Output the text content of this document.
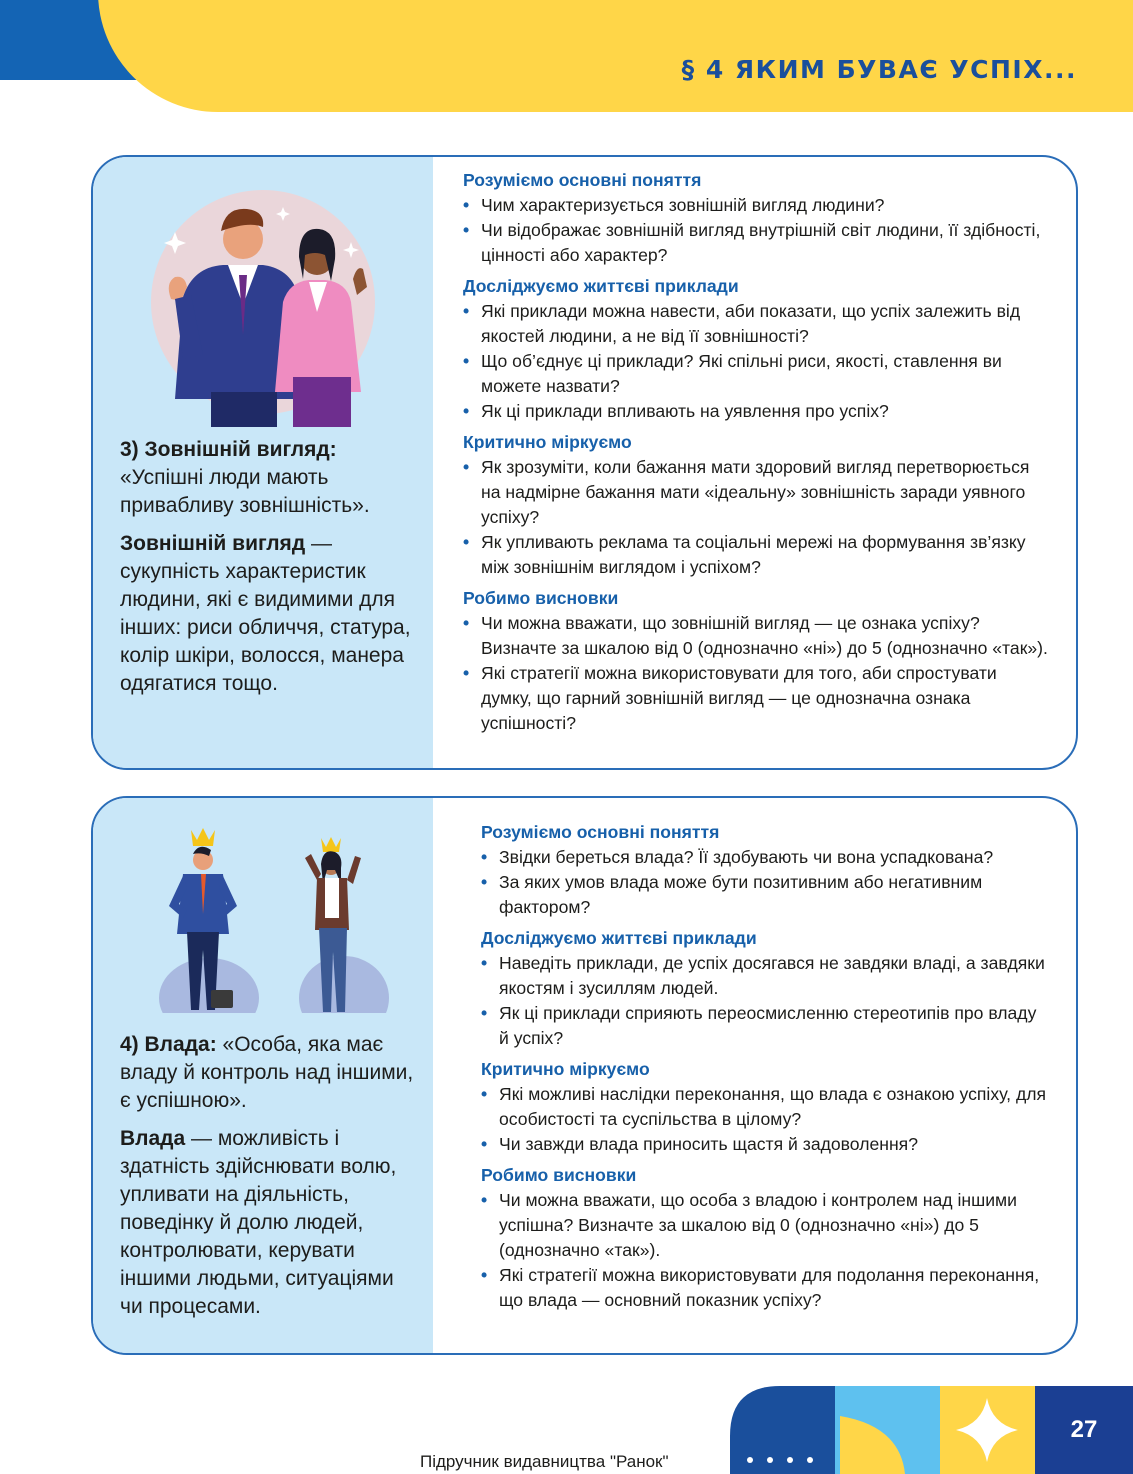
§ 4 ЯКИМ БУВАЄ УСПІХ...

3) Зовнішній вигляд:
«Успішні люди мають привабливу зовнішність».

Зовнішній вигляд — сукупність характеристик людини, які є видимими для інших: риси обличчя, статура, колір шкіри, волосся, манера одягатися тощо.

Розуміємо основні поняття
• Чим характеризується зовнішній вигляд людини?
• Чи відображає зовнішній вигляд внутрішній світ людини, її здібності, цінності або характер?
Досліджуємо життєві приклади
• Які приклади можна навести, аби показати, що успіх залежить від якостей людини, а не від її зовнішності?
• Що об’єднує ці приклади? Які спільні риси, якості, ставлення ви можете назвати?
• Як ці приклади впливають на уявлення про успіх?
Критично міркуємо
• Як зрозуміти, коли бажання мати здоровий вигляд перетворюється на надмірне бажання мати «ідеальну» зовнішність заради уявного успіху?
• Як упливають реклама та соціальні мережі на формування зв’язку між зовнішнім виглядом і успіхом?
Робимо висновки
• Чи можна вважати, що зовнішній вигляд — це ознака успіху? Визначте за шкалою від 0 (однозначно «ні») до 5 (однозначно «так»).
• Які стратегії можна використовувати для того, аби спростувати думку, що гарний зовнішній вигляд — це однозначна ознака успішності?

4) Влада: «Особа, яка має владу й контроль над іншими, є успішною».

Влада — можливість і здатність здійснювати волю, упливати на діяльність, поведінку й долю людей, контролювати, керувати іншими людьми, ситуаціями чи процесами.

Розуміємо основні поняття
• Звідки береться влада? Її здобувають чи вона успадкована?
• За яких умов влада може бути позитивним або негативним фактором?
Досліджуємо життєві приклади
• Наведіть приклади, де успіх досягався не завдяки владі, а завдяки якостям і зусиллям людей.
• Як ці приклади сприяють переосмисленню стереотипів про владу й успіх?
Критично міркуємо
• Які можливі наслідки переконання, що влада є ознакою успіху, для особистості та суспільства в цілому?
• Чи завжди влада приносить щастя й задоволення?
Робимо висновки
• Чи можна вважати, що особа з владою і контролем над іншими успішна? Визначте за шкалою від 0 (однозначно «ні») до 5 (однозначно «так»).
• Які стратегії можна використовувати для подолання переконання, що влада — основний показник успіху?
Підручник видавництва "Ранок"
27
